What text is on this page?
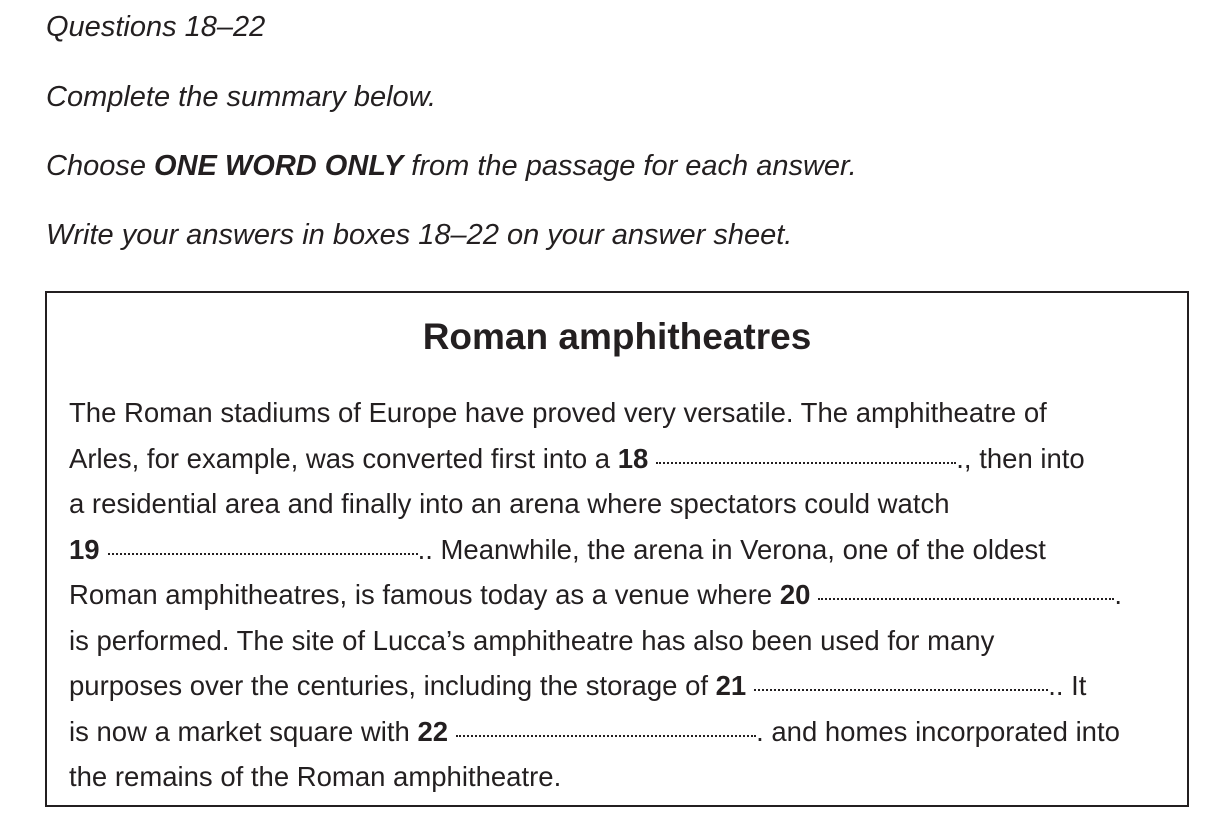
Questions 18–22

Complete the summary below.

Choose ONE WORD ONLY from the passage for each answer.

Write your answers in boxes 18–22 on your answer sheet.

Roman amphitheatres
The Roman stadiums of Europe have proved very versatile. The amphitheatre of
Arles, for example, was converted first into a 18	., then into
a residential area and finally into an arena where spectators could watch
19	.. Meanwhile, the arena in Verona, one of the oldest
Roman amphitheatres, is famous today as a venue where 20	.
is performed. The site of Lucca’s amphitheatre has also been used for many
purposes over the centuries, including the storage of 21	.. It
is now a market square with 22	. and homes incorporated into
the remains of the Roman amphitheatre.
